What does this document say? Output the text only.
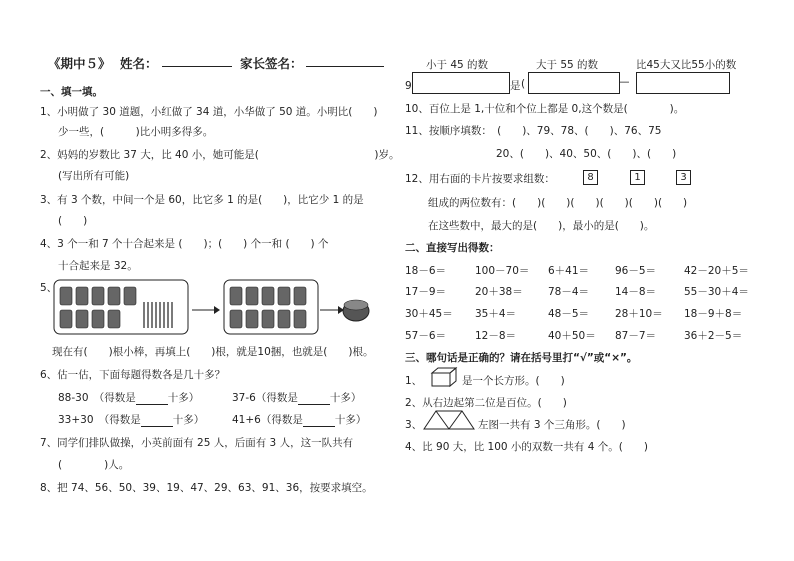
《期中５》 姓名：	家长签名：
一、填一填。
1、小明做了 30 道题，小红做了 34 道，小华做了 50 道。小明比(　　)
少一些，(　　　)比小明多得多。
2、妈妈的岁数比 37 大，比 40 小，她可能是(　　　　　　　　　　　)岁。
(写出所有可能)
3、有 3 个数，中间一个是 60，比它多 1 的是(　　)，比它少 1 的是
(　　)
4、3 个一和 7 个十合起来是 (　　)；(　　) 个一和 (　　) 个
十合起来是 32。
5、
现在有(　　)根小棒，再填上(　　)根，就是10捆，也就是(　　)根。
6、估一估，下面每题得数各是几十多？
88-30　（得数是	十多）	37-6（得数是	十多）
33+30　（得数是	十多）	41+6（得数是	十多）
7、同学们排队做操，小英前面有 25 人，后面有 3 人，这一队共有
(　　　　)人。
8、把 74、56、50、39、19、47、29、63、91、36，按要求填空。
小于 45 的数	大于 55 的数	比45大又比55小的数
9	是 (	—
10、百位上是 1,十位和个位上都是 0,这个数是(　　　　)。
11、按顺序填数：　(　　)、79、78、(　　)、76、75
20、(　　)、40、50、(　　)、(　　)
12、用右面的卡片按要求组数：	8	1	3
组成的两位数有：(　　)(　　)(　　)(　　)(　　)(　　)
在这些数中，最大的是(　　)，最小的是(　　)。
二、直接写出得数：
18－6＝	100－70＝ 6＋41＝ 96－5＝	42－20＋5＝
17－9＝	20＋38＝ 78－4＝ 14－8＝	55－30＋4＝
30＋45＝ 35＋4＝	48－5＝ 28＋10＝ 18－9＋8＝
57－6＝	12－8＝	40＋50＝ 87－7＝	36＋2－5＝
三、哪句话是正确的？请在括号里打“√”或“×”。
1、	是一个长方形。(　　)
2、从右边起第二位是百位。(　　)
3、	左图一共有 3 个三角形。(　　)
4、比 90 大，比 100 小的双数一共有 4 个。(　　)
